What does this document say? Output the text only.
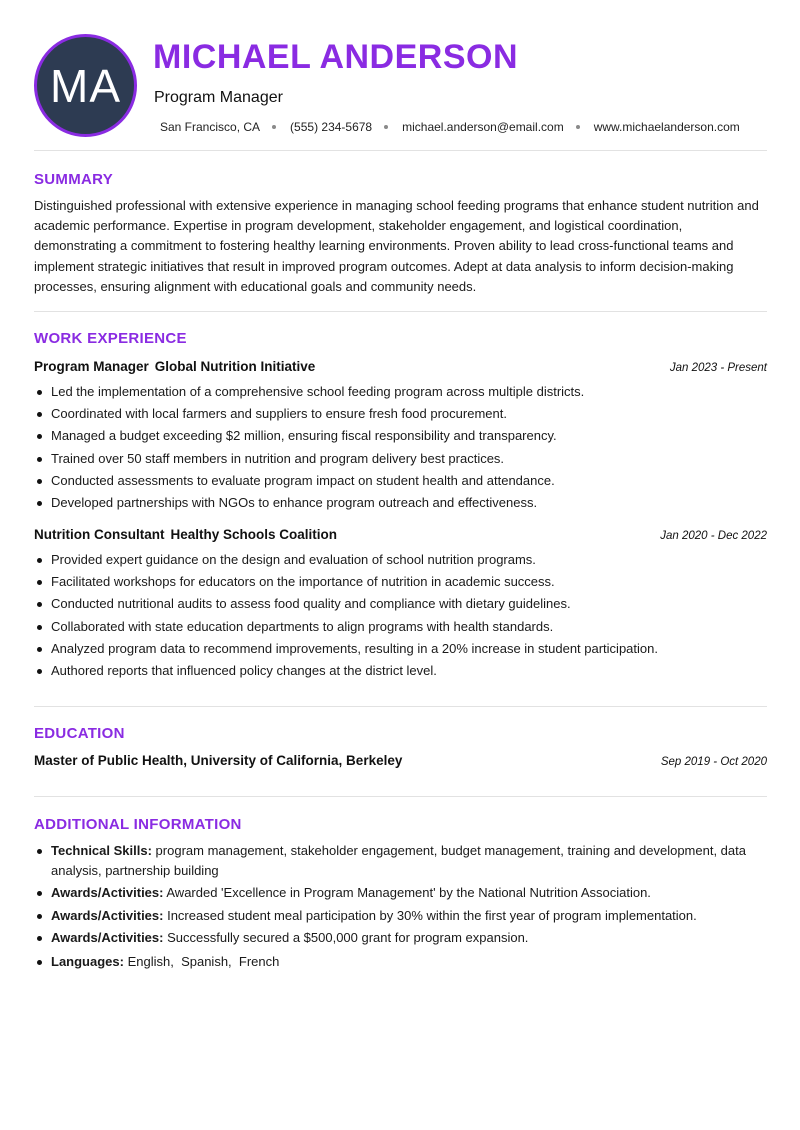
MA
MICHAEL ANDERSON
Program Manager
San Francisco, CA	(555) 234-5678	michael.anderson@email.com	www.michaelanderson.com
SUMMARY
Distinguished professional with extensive experience in managing school feeding programs that enhance student nutrition and academic performance. Expertise in program development, stakeholder engagement, and logistical coordination, demonstrating a commitment to fostering healthy learning environments. Proven ability to lead cross-functional teams and implement strategic initiatives that result in improved program outcomes. Adept at data analysis to inform decision-making processes, ensuring alignment with educational goals and community needs.
WORK EXPERIENCE
Program Manager Global Nutrition Initiative	Jan 2023 - Present
Led the implementation of a comprehensive school feeding program across multiple districts.
Coordinated with local farmers and suppliers to ensure fresh food procurement.
Managed a budget exceeding $2 million, ensuring fiscal responsibility and transparency.
Trained over 50 staff members in nutrition and program delivery best practices.
Conducted assessments to evaluate program impact on student health and attendance.
Developed partnerships with NGOs to enhance program outreach and effectiveness.
Nutrition Consultant Healthy Schools Coalition	Jan 2020 - Dec 2022
Provided expert guidance on the design and evaluation of school nutrition programs.
Facilitated workshops for educators on the importance of nutrition in academic success.
Conducted nutritional audits to assess food quality and compliance with dietary guidelines.
Collaborated with state education departments to align programs with health standards.
Analyzed program data to recommend improvements, resulting in a 20% increase in student participation.
Authored reports that influenced policy changes at the district level.
EDUCATION
Master of Public Health, University of California, Berkeley	Sep 2019 - Oct 2020
ADDITIONAL INFORMATION
Technical Skills: program management, stakeholder engagement, budget management, training and development, data analysis, partnership building
Awards/Activities: Awarded 'Excellence in Program Management' by the National Nutrition Association.
Awards/Activities: Increased student meal participation by 30% within the first year of program implementation.
Awards/Activities: Successfully secured a $500,000 grant for program expansion.
Languages: English,  Spanish,  French
